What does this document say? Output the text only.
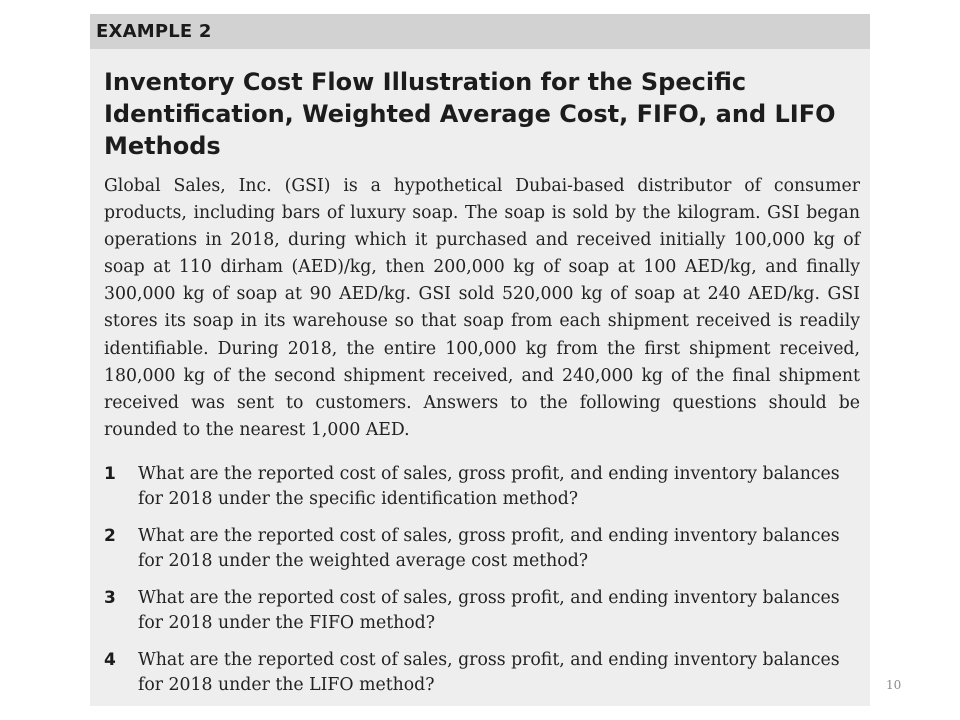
EXAMPLE 2
Inventory Cost Flow Illustration for the Specific Identification, Weighted Average Cost, FIFO, and LIFO Methods

Global Sales, Inc. (GSI) is a hypothetical Dubai-based distributor of consumer products, including bars of luxury soap. The soap is sold by the kilogram. GSI began operations in 2018, during which it purchased and received initially 100,000 kg of soap at 110 dirham (AED)/kg, then 200,000 kg of soap at 100 AED/kg, and finally 300,000 kg of soap at 90 AED/kg. GSI sold 520,000 kg of soap at 240 AED/kg. GSI stores its soap in its warehouse so that soap from each shipment received is readily identifiable. During 2018, the entire 100,000 kg from the first shipment received, 180,000 kg of the second shipment received, and 240,000 kg of the final shipment received was sent to customers. Answers to the following questions should be rounded to the nearest 1,000 AED.

1	What are the reported cost of sales, gross profit, and ending inventory balances for 2018 under the specific identification method?
2	What are the reported cost of sales, gross profit, and ending inventory balances for 2018 under the weighted average cost method?
3	What are the reported cost of sales, gross profit, and ending inventory balances for 2018 under the FIFO method?
4	What are the reported cost of sales, gross profit, and ending inventory balances for 2018 under the LIFO method?	10
